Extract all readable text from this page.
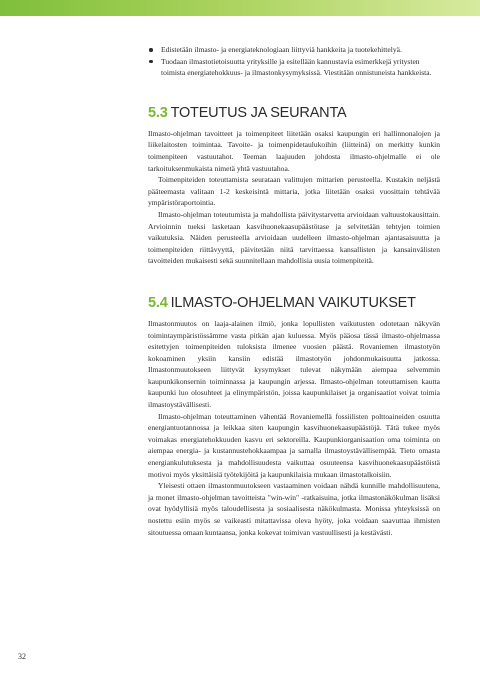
Edistetään ilmasto- ja energiateknologiaan liittyviä hankkeita ja tuotekehittelyä.
Tuodaan ilmastotietoisuutta yrityksille ja esitellään kannustavia esimerkkejä yritysten toimista energiatehokkuus- ja ilmastonkysymyksissä. Viestitään onnistuneista hankkeista.
5.3 TOTEUTUS JA SEURANTA

Ilmasto-ohjelman tavoitteet ja toimenpiteet liitetään osaksi kaupungin eri hallinnonalojen ja liikelaitosten toimintaa. Tavoite- ja toimenpidetaulukoihin (liitteinä) on merkitty kunkin toimenpiteen vastuutahot. Teeman laajuuden johdosta ilmasto-ohjelmalle ei ole tarkoituksenmukaista nimetä yhtä vastuutahoa.

Toimenpiteiden toteuttamista seurataan valittujen mittarien perusteella. Kustakin neljästä pääteemasta valitaan 1-2 keskeisintä mittaria, jotka liitetään osaksi vuosittain tehtävää ympäristöraportointia.

Ilmasto-ohjelman toteutumista ja mahdollista päivitystarvetta arvioidaan valtuustokausittain. Arvioinnin tueksi lasketaan kasvihuonekaasupäästötase ja selvitetään tehtyjen toimien vaikutuksia. Näiden perusteella arvioidaan uudelleen ilmasto-ohjelman ajantasaisuutta ja toimenpiteiden riittävyyttä, päivitetään niitä tarvittaessa kansallisten ja kansainvälisten tavoitteiden mukaisesti sekä suunnitellaan mahdollisia uusia toimenpiteitä.

5.4 ILMASTO-OHJELMAN VAIKUTUKSET

Ilmastonmuutos on laaja-alainen ilmiö, jonka lopullisten vaikutusten odotetaan näkyvän toimintaympäristössämme vasta pitkän ajan kuluessa. Myös pääosa tässä ilmasto-ohjelmassa esitettyjen toimenpiteiden tuloksista ilmenee vuosien päästä. Rovaniemen ilmastotyön kokoaminen yksiin kansiin edistää ilmastotyön johdonmukaisuutta jatkossa. Ilmastonmuutokseen liittyvät kysymykset tulevat näkymään aiempaa selvemmin kaupunkikonsernin toiminnassa ja kaupungin arjessa. Ilmasto-ohjelman toteuttamisen kautta kaupunki luo olosuhteet ja elinympäristön, joissa kaupunkilaiset ja organisaatiot voivat toimia ilmastoystävällisesti.

Ilmasto-ohjelman toteuttaminen vähentää Rovaniemellä fossiilisten polttoaineiden osuutta energiantuotannossa ja leikkaa siten kaupungin kasvihuonekaasupäästöjä. Tätä tukee myös voimakas energiatehokkuuden kasvu eri sektoreilla. Kaupunkiorganisaation oma toiminta on aiempaa energia- ja kustannustehokkaampaa ja samalla ilmastoystävällisempää. Tieto omasta energiankulutuksesta ja mahdollisuudesta vaikuttaa osuuteensa kasvihuonekaasupäästöistä motivoi myös yksittäisiä työtekijöitä ja kaupunkilaisia mukaan ilmastotalkoisiin.

Yleisesti ottaen ilmastonmuutokseen vastaaminen voidaan nähdä kunnille mahdollisuutena, ja monet ilmasto-ohjelman tavoitteista "win-win" -ratkaisuina, jotka ilmastonäkökulman lisäksi ovat hyödyllisiä myös taloudellisesta ja sosiaalisesta näkökulmasta. Monissa yhteyksissä on nostettu esiin myös se vaikeasti mitattavissa oleva hyöty, joka voidaan saavuttaa ihmisten sitoutuessa omaan kuntaansa, jonka kokevat toimivan vastuullisesti ja kestävästi.

32
